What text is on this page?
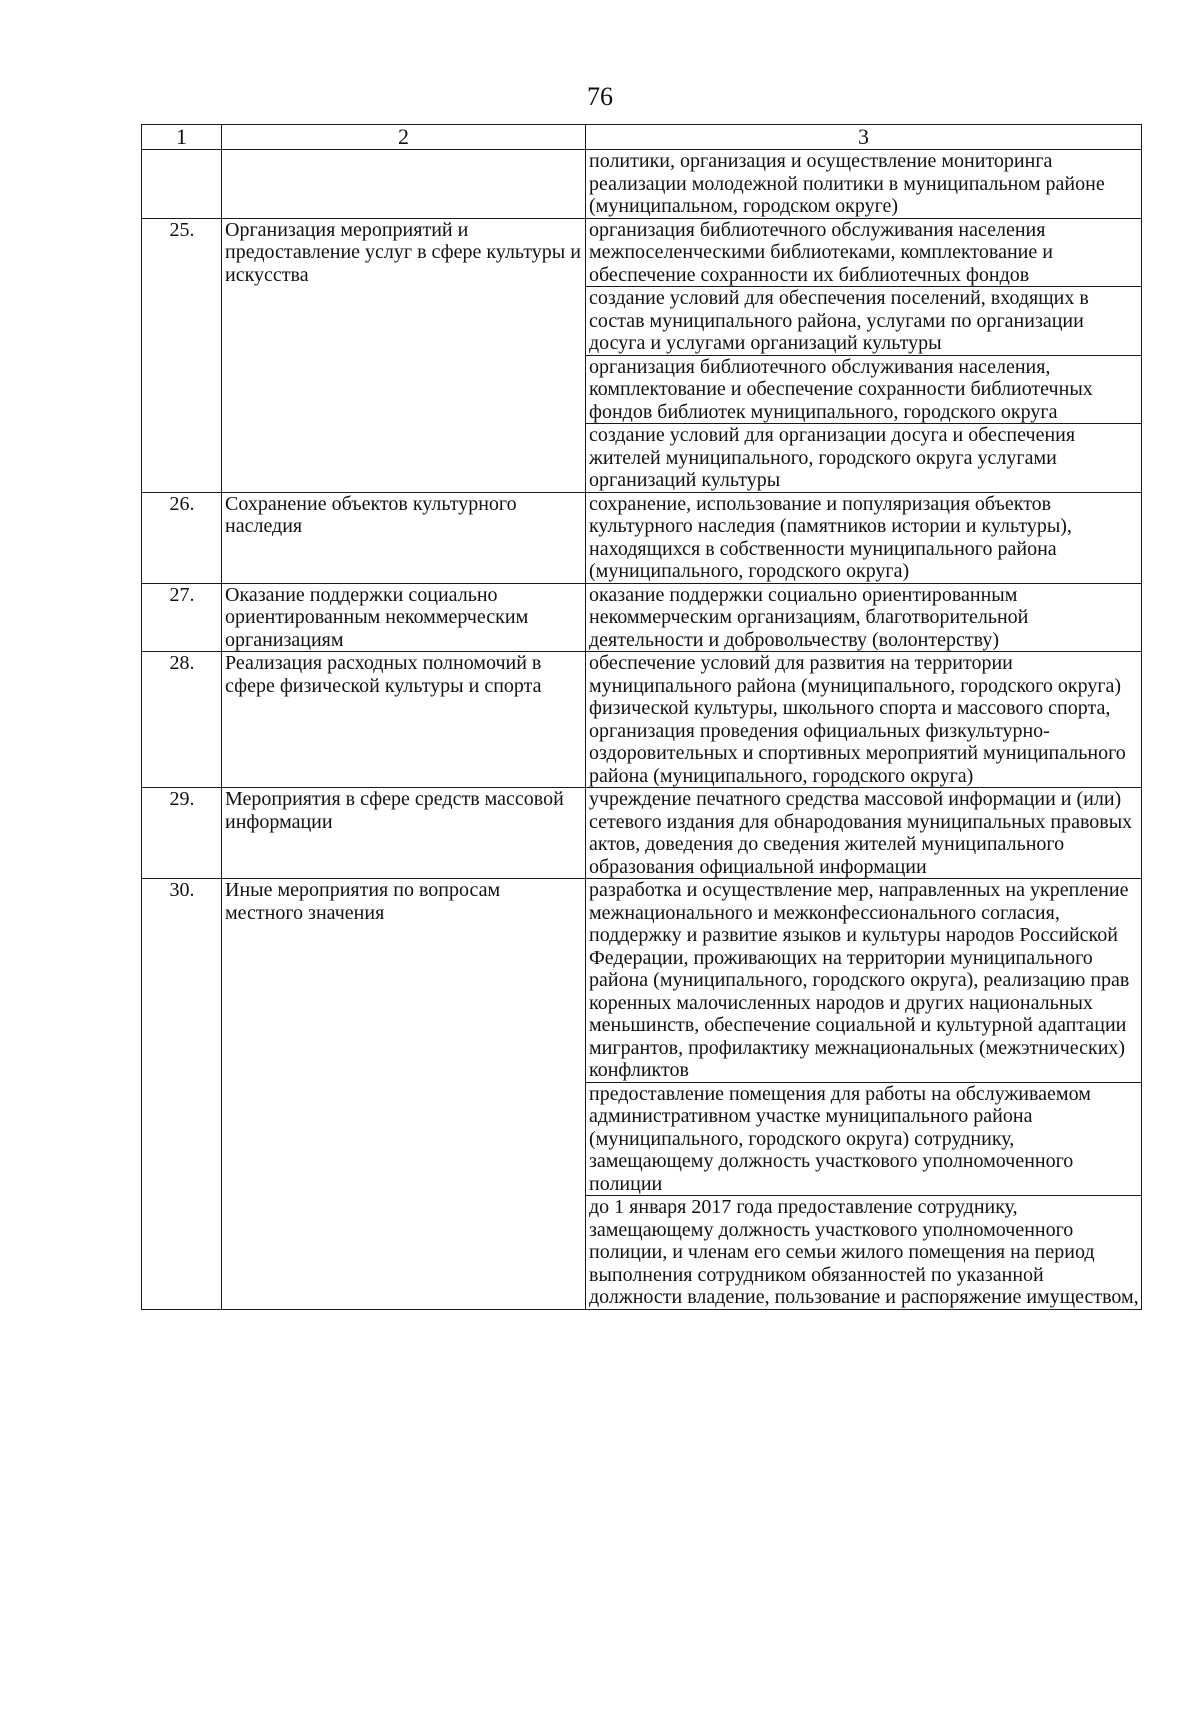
76
1	2	3
		политики, организация и осуществление мониторинга реализации молодежной политики в муниципальном районе (муниципальном, городском округе)
25.	Организация мероприятий и предоставление услуг в сфере культуры и искусства	организация библиотечного обслуживания населения межпоселенческими библиотеками, комплектование и обеспечение сохранности их библиотечных фондов
		создание условий для обеспечения поселений, входящих в состав муниципального района, услугами по организации досуга и услугами организаций культуры
		организация библиотечного обслуживания населения, комплектование и обеспечение сохранности библиотечных фондов библиотек муниципального, городского округа
		создание условий для организации досуга и обеспечения жителей муниципального, городского округа услугами организаций культуры
26.	Сохранение объектов культурного наследия	сохранение, использование и популяризация объектов культурного наследия (памятников истории и культуры), находящихся в собственности муниципального района (муниципального, городского округа)
27.	Оказание поддержки социально ориентированным некоммерческим организациям	оказание поддержки социально ориентированным некоммерческим организациям, благотворительной деятельности и добровольчеству (волонтерству)
28.	Реализация расходных полномочий в сфере физической культуры и спорта	обеспечение условий для развития на территории муниципального района (муниципального, городского округа) физической культуры, школьного спорта и массового спорта, организация проведения официальных физкультурно-оздоровительных и спортивных мероприятий муниципального района (муниципального, городского округа)
29.	Мероприятия в сфере средств массовой информации	учреждение печатного средства массовой информации и (или) сетевого издания для обнародования муниципальных правовых актов, доведения до сведения жителей муниципального образования официальной информации
30.	Иные мероприятия по вопросам местного значения	разработка и осуществление мер, направленных на укрепление межнационального и межконфессионального согласия, поддержку и развитие языков и культуры народов Российской Федерации, проживающих на территории муниципального района (муниципального, городского округа), реализацию прав коренных малочисленных народов и других национальных меньшинств, обеспечение социальной и культурной адаптации мигрантов, профилактику межнациональных (межэтнических) конфликтов
		предоставление помещения для работы на обслуживаемом административном участке муниципального района (муниципального, городского округа) сотруднику, замещающему должность участкового уполномоченного полиции
		до 1 января 2017 года предоставление сотруднику, замещающему должность участкового уполномоченного полиции, и членам его семьи жилого помещения на период выполнения сотрудником обязанностей по указанной должности владение, пользование и распоряжение имуществом,
